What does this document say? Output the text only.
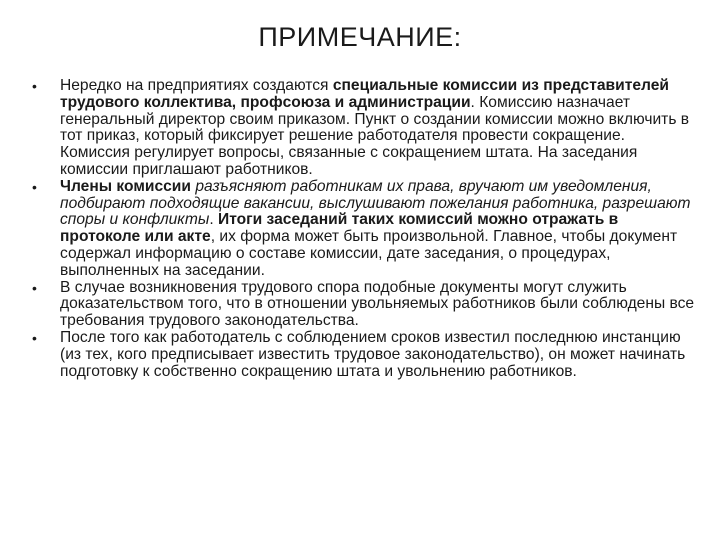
ПРИМЕЧАНИЕ:
•	Нередко на предприятиях создаются специальные комиссии из представителей трудового коллектива, профсоюза и администрации. Комиссию назначает генеральный директор своим приказом. Пункт о создании комиссии можно включить в тот приказ, который фиксирует решение работодателя провести сокращение. Комиссия регулирует вопросы, связанные с сокращением штата. На заседания комиссии приглашают работников.
•	Члены комиссии разъясняют работникам их права, вручают им уведомления, подбирают подходящие вакансии, выслушивают пожелания работника, разрешают споры и конфликты. Итоги заседаний таких комиссий можно отражать в протоколе или акте, их форма может быть произвольной. Главное, чтобы документ содержал информацию о составе комиссии, дате заседания, о процедурах, выполненных на заседании.
•	В случае возникновения трудового спора подобные документы могут служить доказательством того, что в отношении увольняемых работников были соблюдены все требования трудового законодательства.
•	После того как работодатель с соблюдением сроков известил последнюю инстанцию (из тех, кого предписывает известить трудовое законодательство), он может начинать подготовку к собственно сокращению штата и увольнению работников.
